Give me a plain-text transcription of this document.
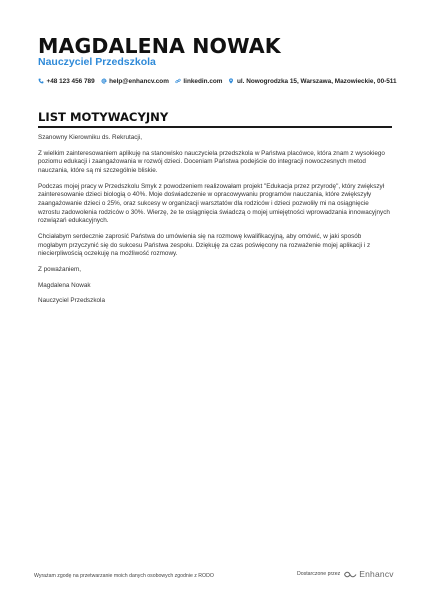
MAGDALENA NOWAK
Nauczyciel Przedszkola
+48 123 456 789 help@enhancv.com linkedin.com ul. Nowogrodzka 15, Warszawa, Mazowieckie, 00-511
LIST MOTYWACYJNY

Szanowny Kierowniku ds. Rekrutacji,

Z wielkim zainteresowaniem aplikuję na stanowisko nauczyciela przedszkola w Państwa placówce, która znam z wysokiego poziomu edukacji i zaangażowania w rozwój dzieci. Doceniam Państwa podejście do integracji nowoczesnych metod nauczania, które są mi szczególnie bliskie.

Podczas mojej pracy w Przedszkolu Smyk z powodzeniem realizowałam projekt "Edukacja przez przyrodę", który zwiększył zainteresowanie dzieci biologią o 40%. Moje doświadczenie w opracowywaniu programów nauczania, które zwiększyły zaangażowanie dzieci o 25%, oraz sukcesy w organizacji warsztatów dla rodziców i dzieci pozwoliły mi na osiągnięcie wzrostu zadowolenia rodziców o 30%. Wierzę, że te osiągnięcia świadczą o mojej umiejętności wprowadzania innowacyjnych rozwiązań edukacyjnych.

Chciałabym serdecznie zaprosić Państwa do umówienia się na rozmowę kwalifikacyjną, aby omówić, w jaki sposób mogłabym przyczynić się do sukcesu Państwa zespołu. Dziękuję za czas poświęcony na rozważenie mojej aplikacji i z niecierpliwością oczekuję na możliwość rozmowy.

Z poważaniem,

Magdalena Nowak

Nauczyciel Przedszkola

Wyrażam zgodę na przetwarzanie moich danych osobowych zgodnie z RODO	Dostarczone przez Enhancv
